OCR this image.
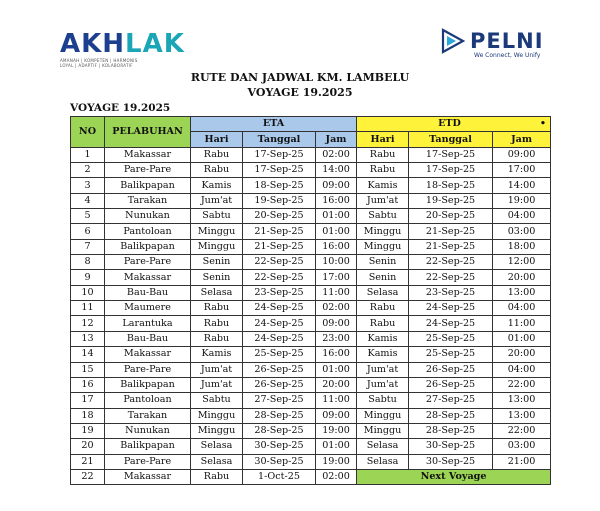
AKHLAK
AMANAH | KOMPETEN | HARMONIS
LOYAL | ADAPTIF | KOLABORATIF
PELNI
We Connect, We Unify
RUTE DAN JADWAL KM. LAMBELU
VOYAGE 19.2025
VOYAGE 19.2025
NO	PELABUHAN	ETA			ETD •		

		Hari	Tanggal	Jam	Hari	Tanggal	Jam
1	Makassar	Rabu	17-Sep-25	02:00	Rabu	17-Sep-25	09:00
2	Pare-Pare	Rabu	17-Sep-25	14:00	Rabu	17-Sep-25	17:00
3	Balikpapan	Kamis	18-Sep-25	09:00	Kamis	18-Sep-25	14:00
4	Tarakan	Jum'at	19-Sep-25	16:00	Jum'at	19-Sep-25	19:00
5	Nunukan	Sabtu	20-Sep-25	01:00	Sabtu	20-Sep-25	04:00
6	Pantoloan	Minggu	21-Sep-25	01:00	Minggu	21-Sep-25	03:00
7	Balikpapan	Minggu	21-Sep-25	16:00	Minggu	21-Sep-25	18:00
8	Pare-Pare	Senin	22-Sep-25	10:00	Senin	22-Sep-25	12:00
9	Makassar	Senin	22-Sep-25	17:00	Senin	22-Sep-25	20:00
10	Bau-Bau	Selasa	23-Sep-25	11:00	Selasa	23-Sep-25	13:00
11	Maumere	Rabu	24-Sep-25	02:00	Rabu	24-Sep-25	04:00
12	Larantuka	Rabu	24-Sep-25	09:00	Rabu	24-Sep-25	11:00
13	Bau-Bau	Rabu	24-Sep-25	23:00	Kamis	25-Sep-25	01:00
14	Makassar	Kamis	25-Sep-25	16:00	Kamis	25-Sep-25	20:00
15	Pare-Pare	Jum'at	26-Sep-25	01:00	Jum'at	26-Sep-25	04:00
16	Balikpapan	Jum'at	26-Sep-25	20:00	Jum'at	26-Sep-25	22:00
17	Pantoloan	Sabtu	27-Sep-25	11:00	Sabtu	27-Sep-25	13:00
18	Tarakan	Minggu	28-Sep-25	09:00	Minggu	28-Sep-25	13:00
19	Nunukan	Minggu	28-Sep-25	19:00	Minggu	28-Sep-25	22:00
20	Balikpapan	Selasa	30-Sep-25	01:00	Selasa	30-Sep-25	03:00
21	Pare-Pare	Selasa	30-Sep-25	19:00	Selasa	30-Sep-25	21:00
22	Makassar	Rabu	1-Oct-25	02:00	Next Voyage		
